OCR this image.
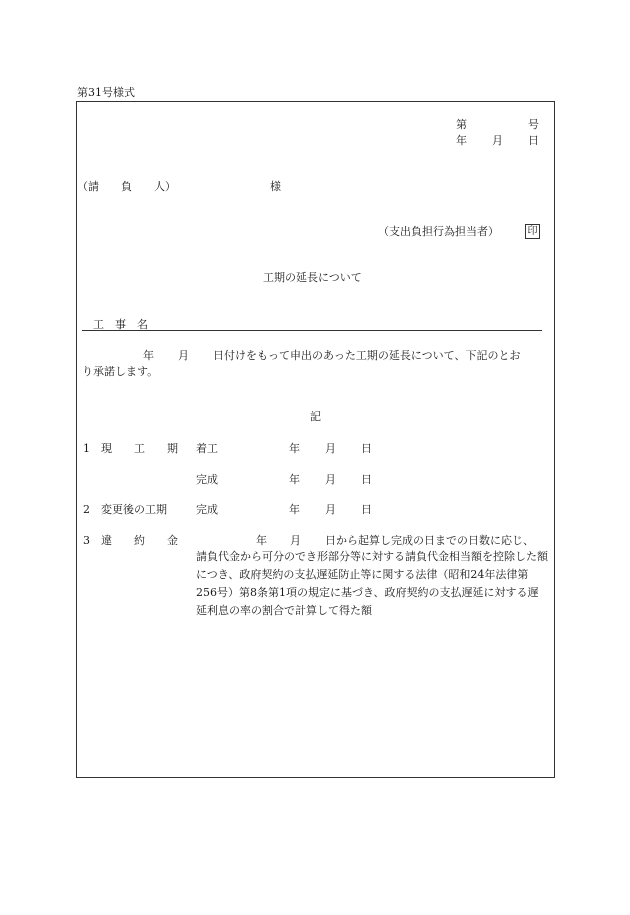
第31号様式
第	号
年 月 日
（請　　負　　人）	様
（支出負担行為担当者）	印
工期の延長について
工　事　名
年 月 日付けをもって申出のあった工期の延長について、下記のとお
り承諾します。
記
1 現　　工　　期 着工	年 月 日
完成	年 月 日
2 変更後の工期	完成	年 月 日
3 違　　約　　金	年 月 日から起算し完成の日までの日数に応じ、
請負代金から可分のでき形部分等に対する請負代金相当額を控除した額につき、政府契約の支払遅延防止等に関する法律（昭和24年法律第256号）第8条第1項の規定に基づき、政府契約の支払遅延に対する遅延利息の率の割合で計算して得た額
